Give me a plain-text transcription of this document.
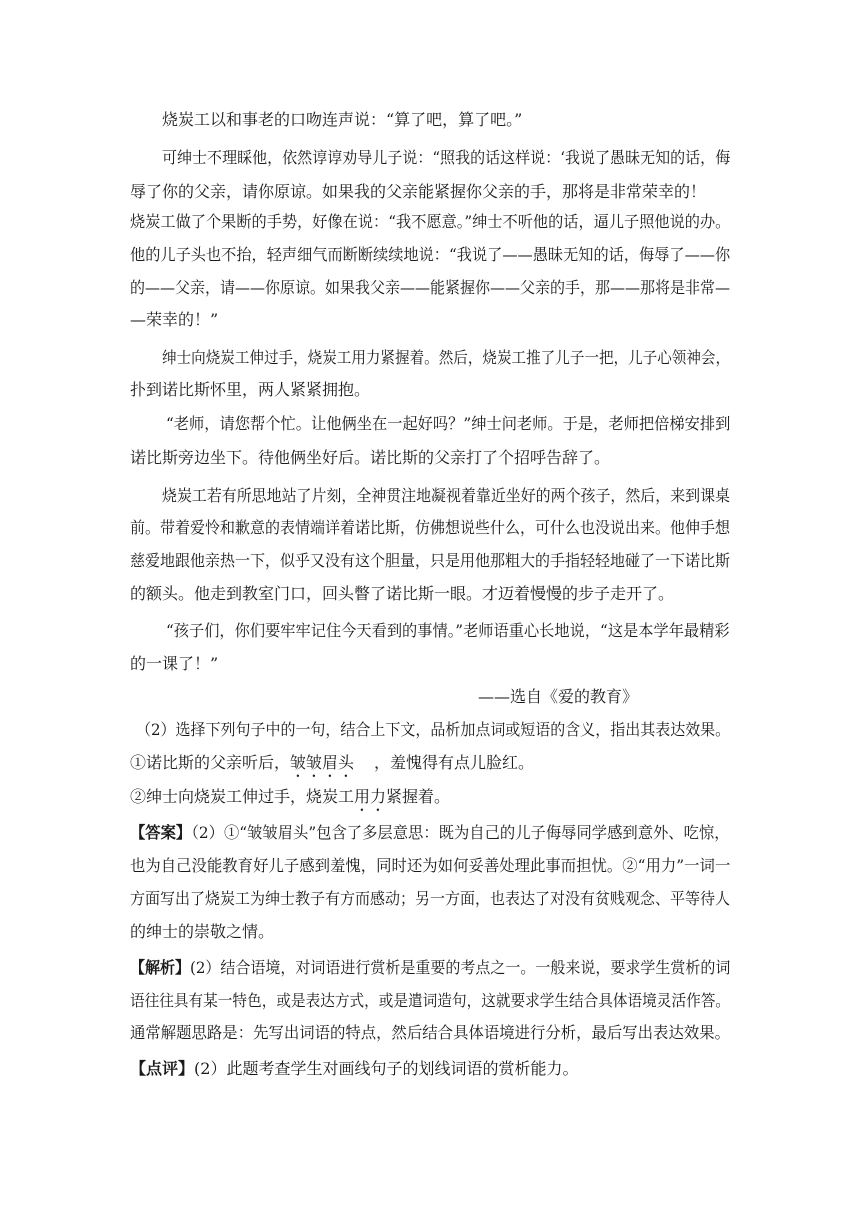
烧炭工以和事老的口吻连声说：“算了吧，算了吧。”
可绅士不理睬他，依然谆谆劝导儿子说：“照我的话这样说：‘我说了愚昧无知的话，侮
辱了你的父亲，请你原谅。如果我的父亲能紧握你父亲的手，那将是非常荣幸的！
烧炭工做了个果断的手势，好像在说：“我不愿意。”绅士不听他的话，逼儿子照他说的办。
他的儿子头也不抬，轻声细气而断断续续地说：“我说了——愚昧无知的话，侮辱了——你
的——父亲，请——你原谅。如果我父亲——能紧握你——父亲的手，那——那将是非常—
—荣幸的！”
绅士向烧炭工伸过手，烧炭工用力紧握着。然后，烧炭工推了儿子一把，儿子心领神会，
扑到诺比斯怀里，两人紧紧拥抱。
“老师，请您帮个忙。让他俩坐在一起好吗？”绅士问老师。于是，老师把倍梯安排到
诺比斯旁边坐下。待他俩坐好后。诺比斯的父亲打了个招呼告辞了。
烧炭工若有所思地站了片刻，全神贯注地凝视着靠近坐好的两个孩子，然后，来到课桌
前。带着爱怜和歉意的表情端详着诺比斯，仿佛想说些什么，可什么也没说出来。他伸手想
慈爱地跟他亲热一下，似乎又没有这个胆量，只是用他那粗大的手指轻轻地碰了一下诺比斯
的额头。他走到教室门口，回头瞥了诺比斯一眼。才迈着慢慢的步子走开了。
“孩子们，你们要牢牢记住今天看到的事情。”老师语重心长地说，“这是本学年最精彩
的一课了！”
——选自《爱的教育》
（2）选择下列句子中的一句，结合上下文，品析加点词或短语的含义，指出其表达效果。
①诺比斯的父亲听后，皱皱眉头 ，羞愧得有点儿脸红。
②绅士向烧炭工伸过手，烧炭工用力紧握着。
【答案】（2）①“皱皱眉头”包含了多层意思：既为自己的儿子侮辱同学感到意外、吃惊，
也为自己没能教育好儿子感到羞愧，同时还为如何妥善处理此事而担忧。②“用力”一词一
方面写出了烧炭工为绅士教子有方而感动；另一方面，也表达了对没有贫贱观念、平等待人
的绅士的崇敬之情。
【解析】(2）结合语境，对词语进行赏析是重要的考点之一。一般来说，要求学生赏析的词
语往往具有某一特色，或是表达方式，或是遣词造句，这就要求学生结合具体语境灵活作答。
通常解题思路是：先写出词语的特点，然后结合具体语境进行分析，最后写出表达效果。
【点评】(2）此题考查学生对画线句子的划线词语的赏析能力。
